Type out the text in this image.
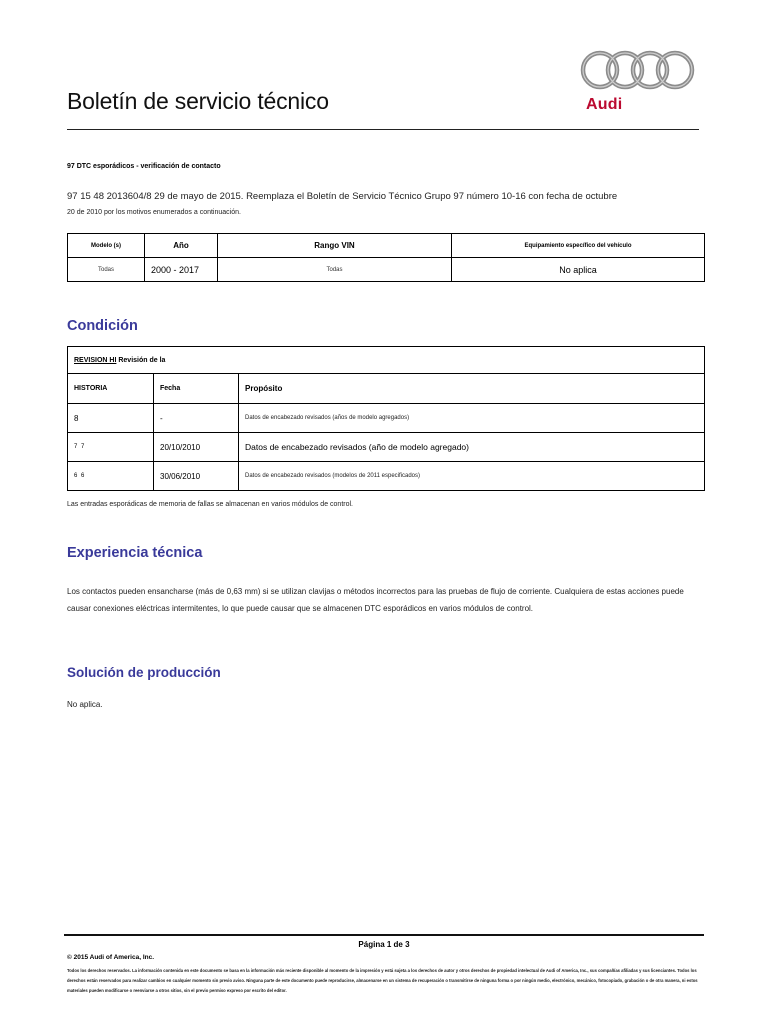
Boletín de servicio técnico	Audi
97 DTC esporádicos - verificación de contacto
97 15 48 2013604/8 29 de mayo de 2015. Reemplaza el Boletín de Servicio Técnico Grupo 97 número 10-16 con fecha de octubre
20 de 2010 por los motivos enumerados a continuación.
Modelo (s)	Año	Rango VIN	Equipamiento específico del vehículo
Todas	2000 - 2017	Todas	No aplica
Condición
REVISION HI Revisión de la		
HISTORIA	Fecha	Propósito
8	-	Datos de encabezado revisados (años de modelo agregados)
7 7	20/10/2010	Datos de encabezado revisados (año de modelo agregado)
6 6	30/06/2010	Datos de encabezado revisados (modelos de 2011 especificados)
Las entradas esporádicas de memoria de fallas se almacenan en varios módulos de control.
Experiencia técnica

Los contactos pueden ensancharse (más de 0,63 mm) si se utilizan clavijas o métodos incorrectos para las pruebas de flujo de corriente. Cualquiera de estas acciones puede causar conexiones eléctricas intermitentes, lo que puede causar que se almacenen DTC esporádicos en varios módulos de control.

Solución de producción
No aplica.
Página 1 de 3
© 2015 Audi of America, Inc.

Todos los derechos reservados. La información contenida en este documento se basa en la información más reciente disponible al momento de la impresión y está sujeta a los derechos de autor y otros derechos de propiedad intelectual de Audi of America, Inc., sus compañías afiliadas y sus licenciantes. Todos los derechos están reservados para realizar cambios en cualquier momento sin previo aviso. Ninguna parte de este documento puede reproducirse, almacenarse en un sistema de recuperación o transmitirse de ninguna forma o por ningún medio, electrónico, mecánico, fotocopiado, grabación o de otra manera, ni estos materiales pueden modificarse o reenviarse a otros sitios, sin el previo permiso expreso por escrito del editor.
